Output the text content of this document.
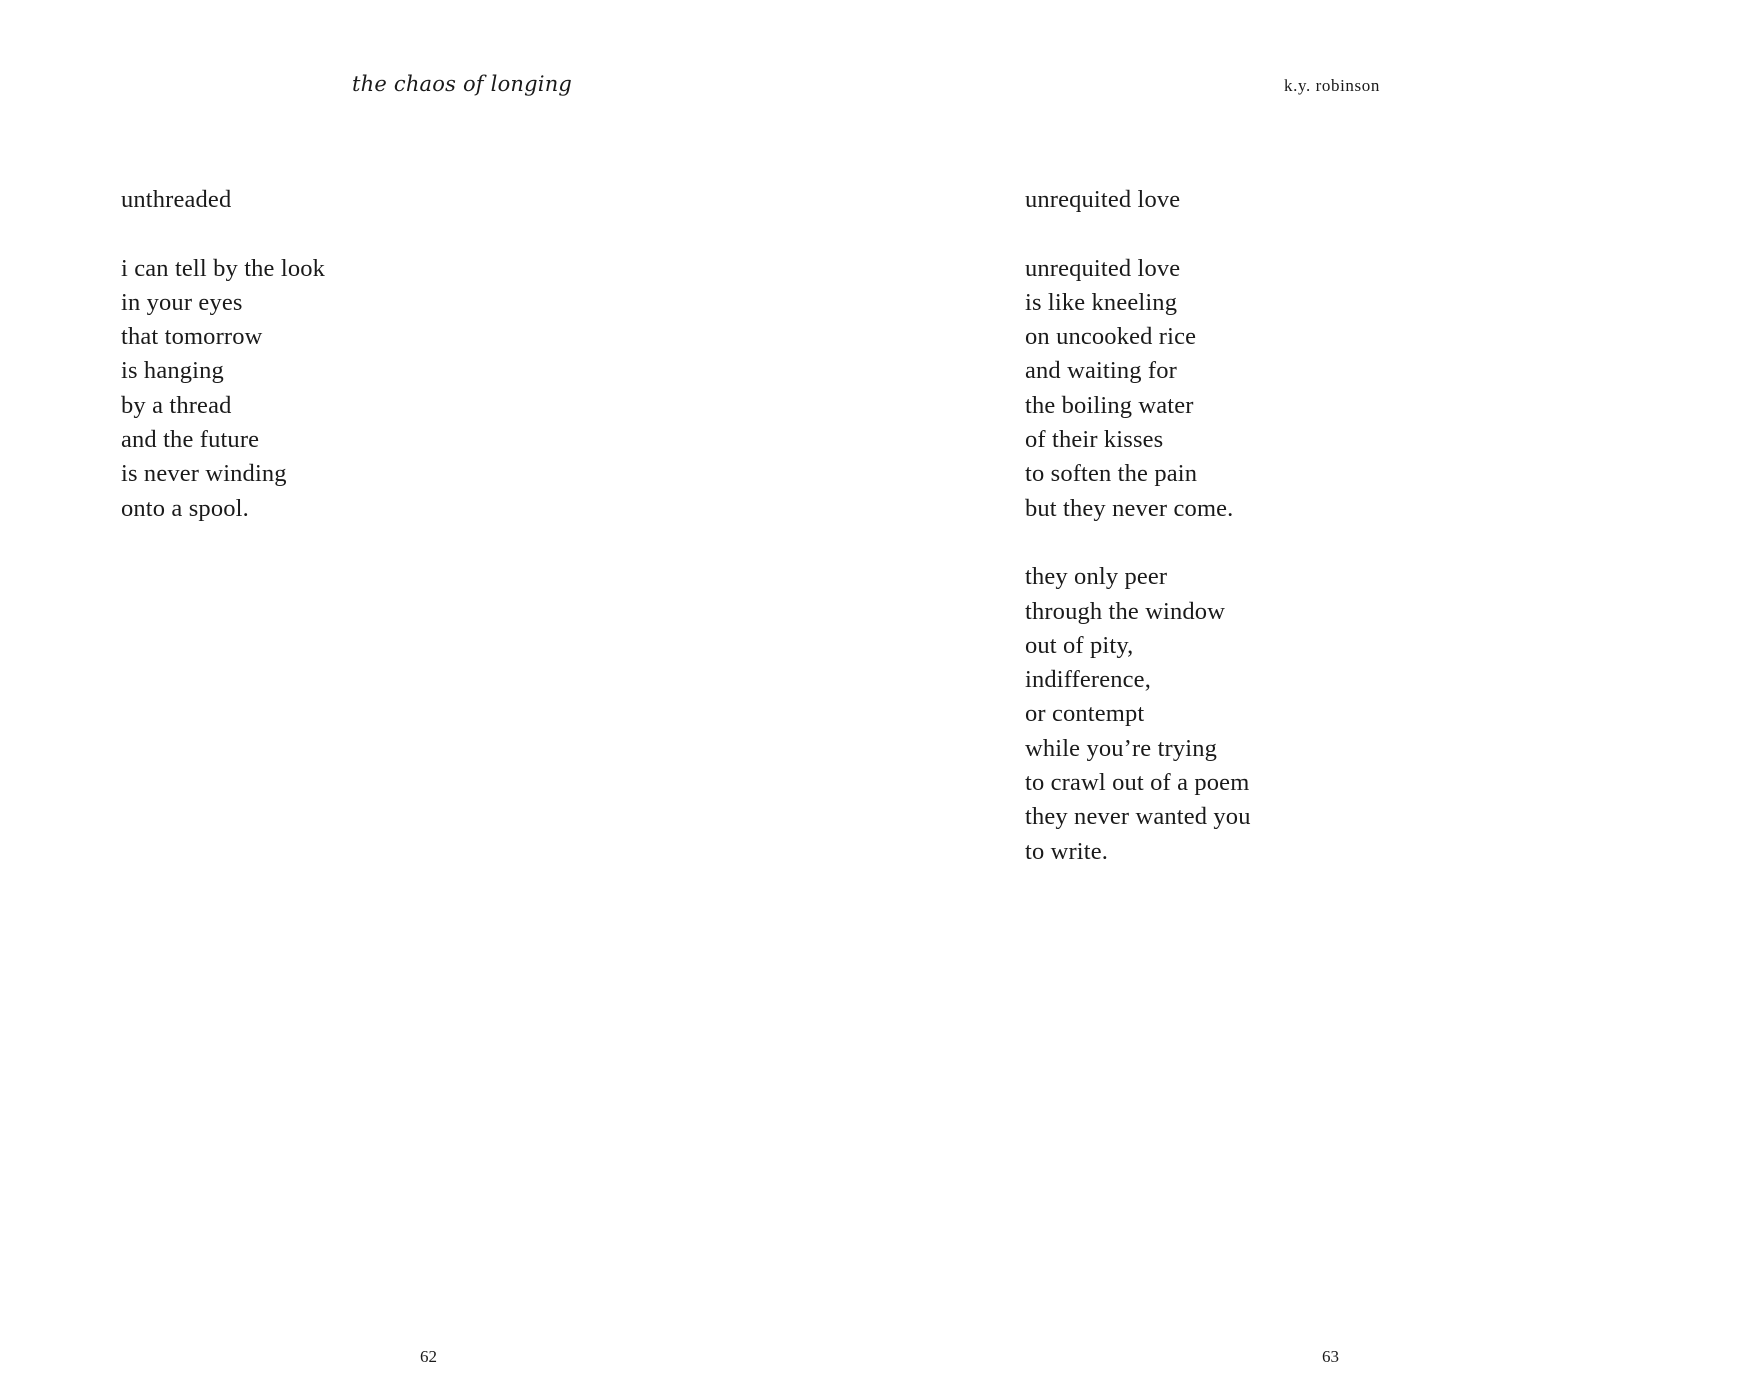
the chaos of longing
unthreaded
i can tell by the look
in your eyes
that tomorrow
is hanging
by a thread
and the future
is never winding
onto a spool.
62
k.y. robinson
unrequited love
unrequited love
is like kneeling
on uncooked rice
and waiting for
the boiling water
of their kisses
to soften the pain
but they never come.
they only peer
through the window
out of pity,
indifference,
or contempt
while you’re trying
to crawl out of a poem
they never wanted you
to write.
63
